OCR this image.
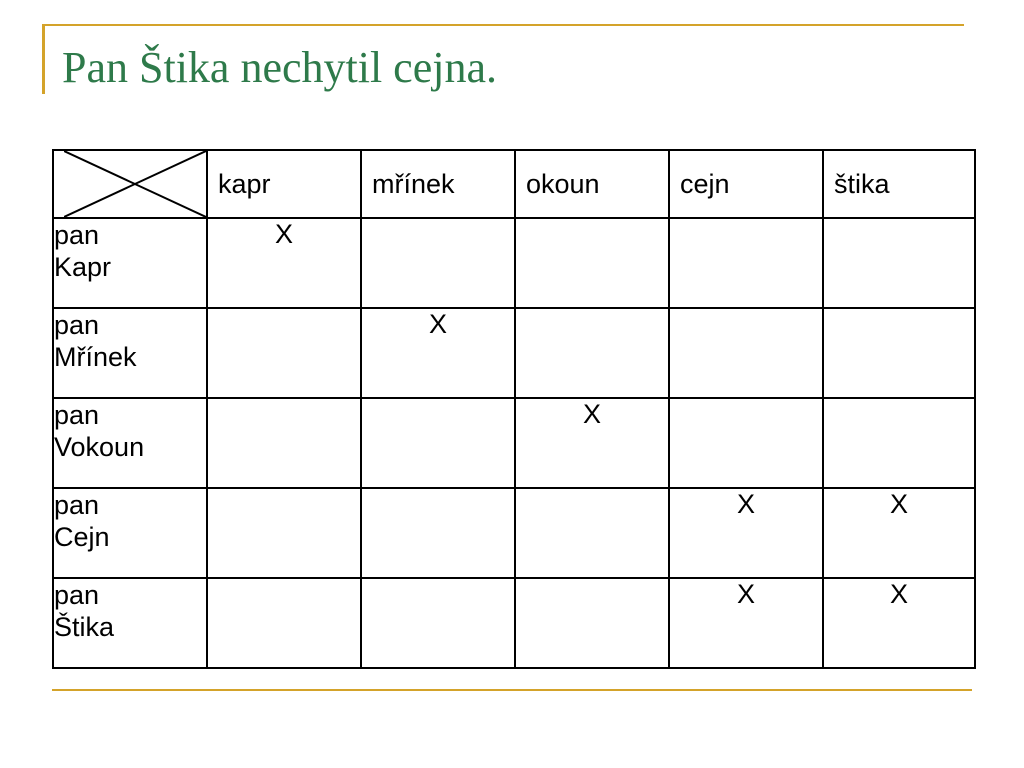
Pan Štika nechytil cejna.
	kapr	mřínek	okoun	cejn	štika

pan
Kapr	X				

pan
Mřínek		X			

pan
Vokoun			X		

pan
Cejn				X	X

pan
Štika				X	X
